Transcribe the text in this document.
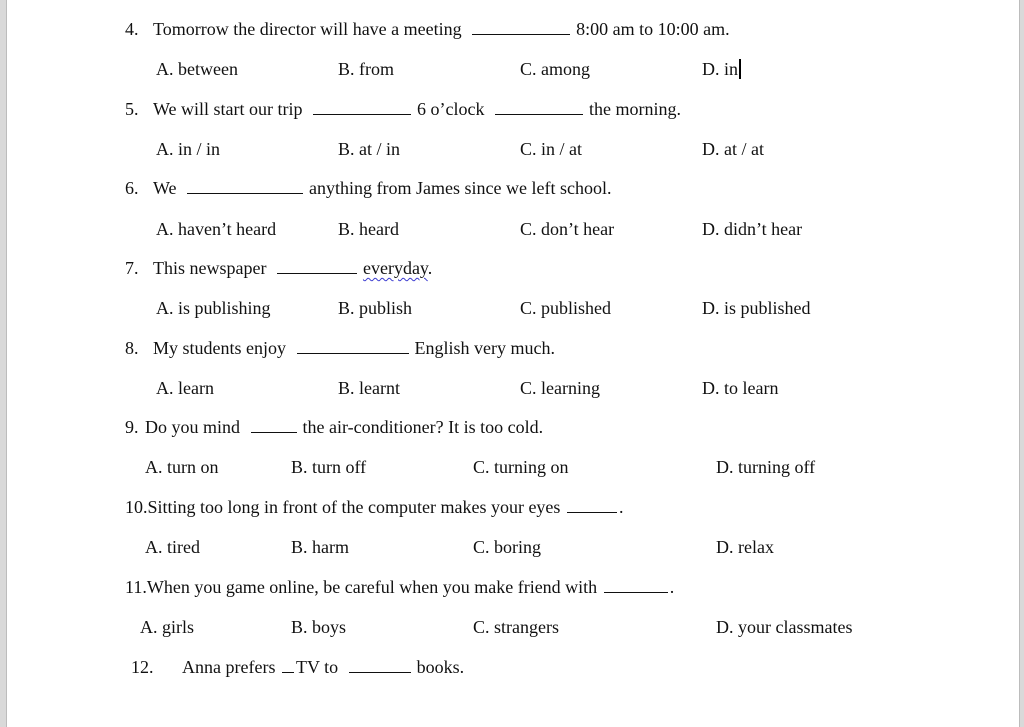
4. Tomorrow the director will have a meeting	8:00 am to 10:00 am.
A. between	B. from	C. among	D. in
5. We will start our trip	6 o’clock	the morning.
A. in / in	B. at / in	C. in / at	D. at / at
6. We	anything from James since we left school.
A. haven’t heard	B. heard	C. don’t hear	D. didn’t hear
7. This newspaper	everyday.
A. is publishing	B. publish	C. published	D. is published
8. My students enjoy	English very much.
A. learn	B. learnt	C. learning	D. to learn
9. Do you mind	the air-conditioner? It is too cold.
A. turn on	B. turn off	C. turning on	D. turning off
10.Sitting too long in front of the computer makes your eyes	.
A. tired	B. harm	C. boring	D. relax
11.When you game online, be careful when you make friend with	.
A. girls	B. boys	C. strangers	D. your classmates
12. Anna prefers TV to	books.
